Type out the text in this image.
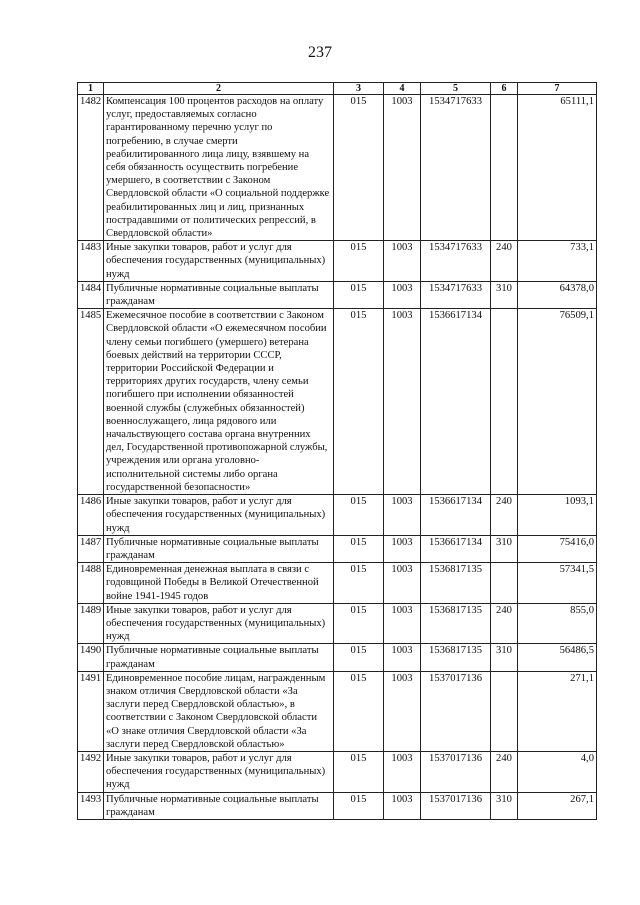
237
1	2	3	4	5	6	7
1482	Компенсация 100 процентов расходов на оплату услуг, предоставляемых согласно гарантированному перечню услуг по погребению, в случае смерти реабилитированного лица лицу, взявшему на себя обязанность осуществить погребение умершего, в соответствии с Законом Свердловской области «О социальной поддержке реабилитированных лиц и лиц, признанных пострадавшими от политических репрессий, в Свердловской области»	015	1003	1534717633		65111,1
1483	Иные закупки товаров, работ и услуг для обеспечения государственных (муниципальных) нужд	015	1003	1534717633	240	733,1
1484	Публичные нормативные социальные выплаты гражданам	015	1003	1534717633	310	64378,0
1485	Ежемесячное пособие в соответствии с Законом Свердловской области «О ежемесячном пособии члену семьи погибшего (умершего) ветерана боевых действий на территории СССР, территории Российской Федерации и территориях других государств, члену семьи погибшего при исполнении обязанностей военной службы (служебных обязанностей) военнослужащего, лица рядового или начальствующего состава органа внутренних дел, Государственной противопожарной службы, учреждения или органа уголовно-исполнительной системы либо органа государственной безопасности»	015	1003	1536617134		76509,1
1486	Иные закупки товаров, работ и услуг для обеспечения государственных (муниципальных) нужд	015	1003	1536617134	240	1093,1
1487	Публичные нормативные социальные выплаты гражданам	015	1003	1536617134	310	75416,0
1488	Единовременная денежная выплата в связи с годовщиной Победы в Великой Отечественной войне 1941-1945 годов	015	1003	1536817135		57341,5
1489	Иные закупки товаров, работ и услуг для обеспечения государственных (муниципальных) нужд	015	1003	1536817135	240	855,0
1490	Публичные нормативные социальные выплаты гражданам	015	1003	1536817135	310	56486,5
1491	Единовременное пособие лицам, награжденным знаком отличия Свердловской области «За заслуги перед Свердловской областью», в соответствии с Законом Свердловской области «О знаке отличия Свердловской области «За заслуги перед Свердловской областью»	015	1003	1537017136		271,1
1492	Иные закупки товаров, работ и услуг для обеспечения государственных (муниципальных) нужд	015	1003	1537017136	240	4,0
1493	Публичные нормативные социальные выплаты гражданам	015	1003	1537017136	310	267,1
